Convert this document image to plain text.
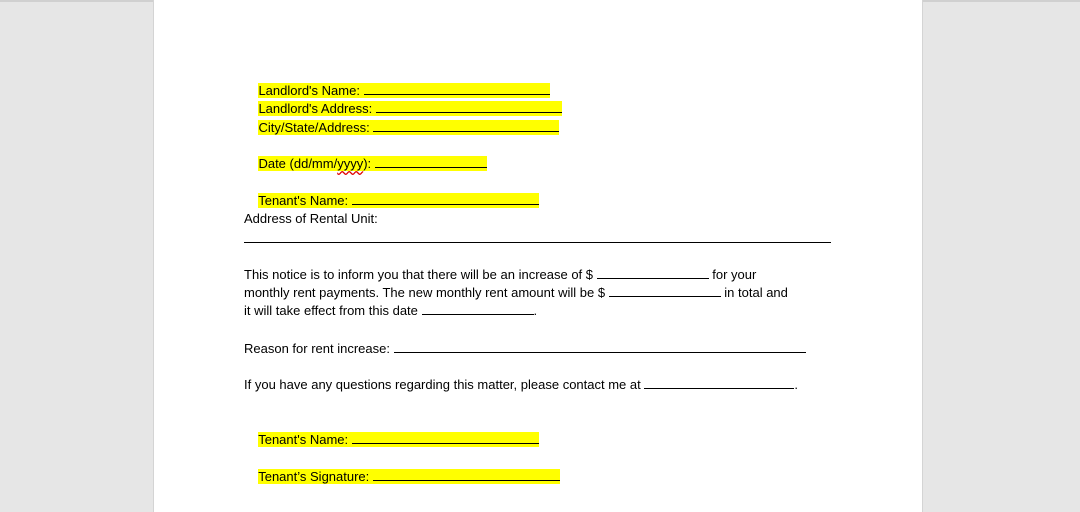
Landlord's Name:

Landlord's Address:

City/State/Address:

Date (dd/mm/yyyy):

Tenant's Name:

Address of Rental Unit:
This notice is to inform you that there will be an increase of $	for your
monthly rent payments. The new monthly rent amount will be $	in total and
it will take effect from this date	.
Reason for rent increase:
If you have any questions regarding this matter, please contact me at	.

Tenant's Name:

Tenant’s Signature:
